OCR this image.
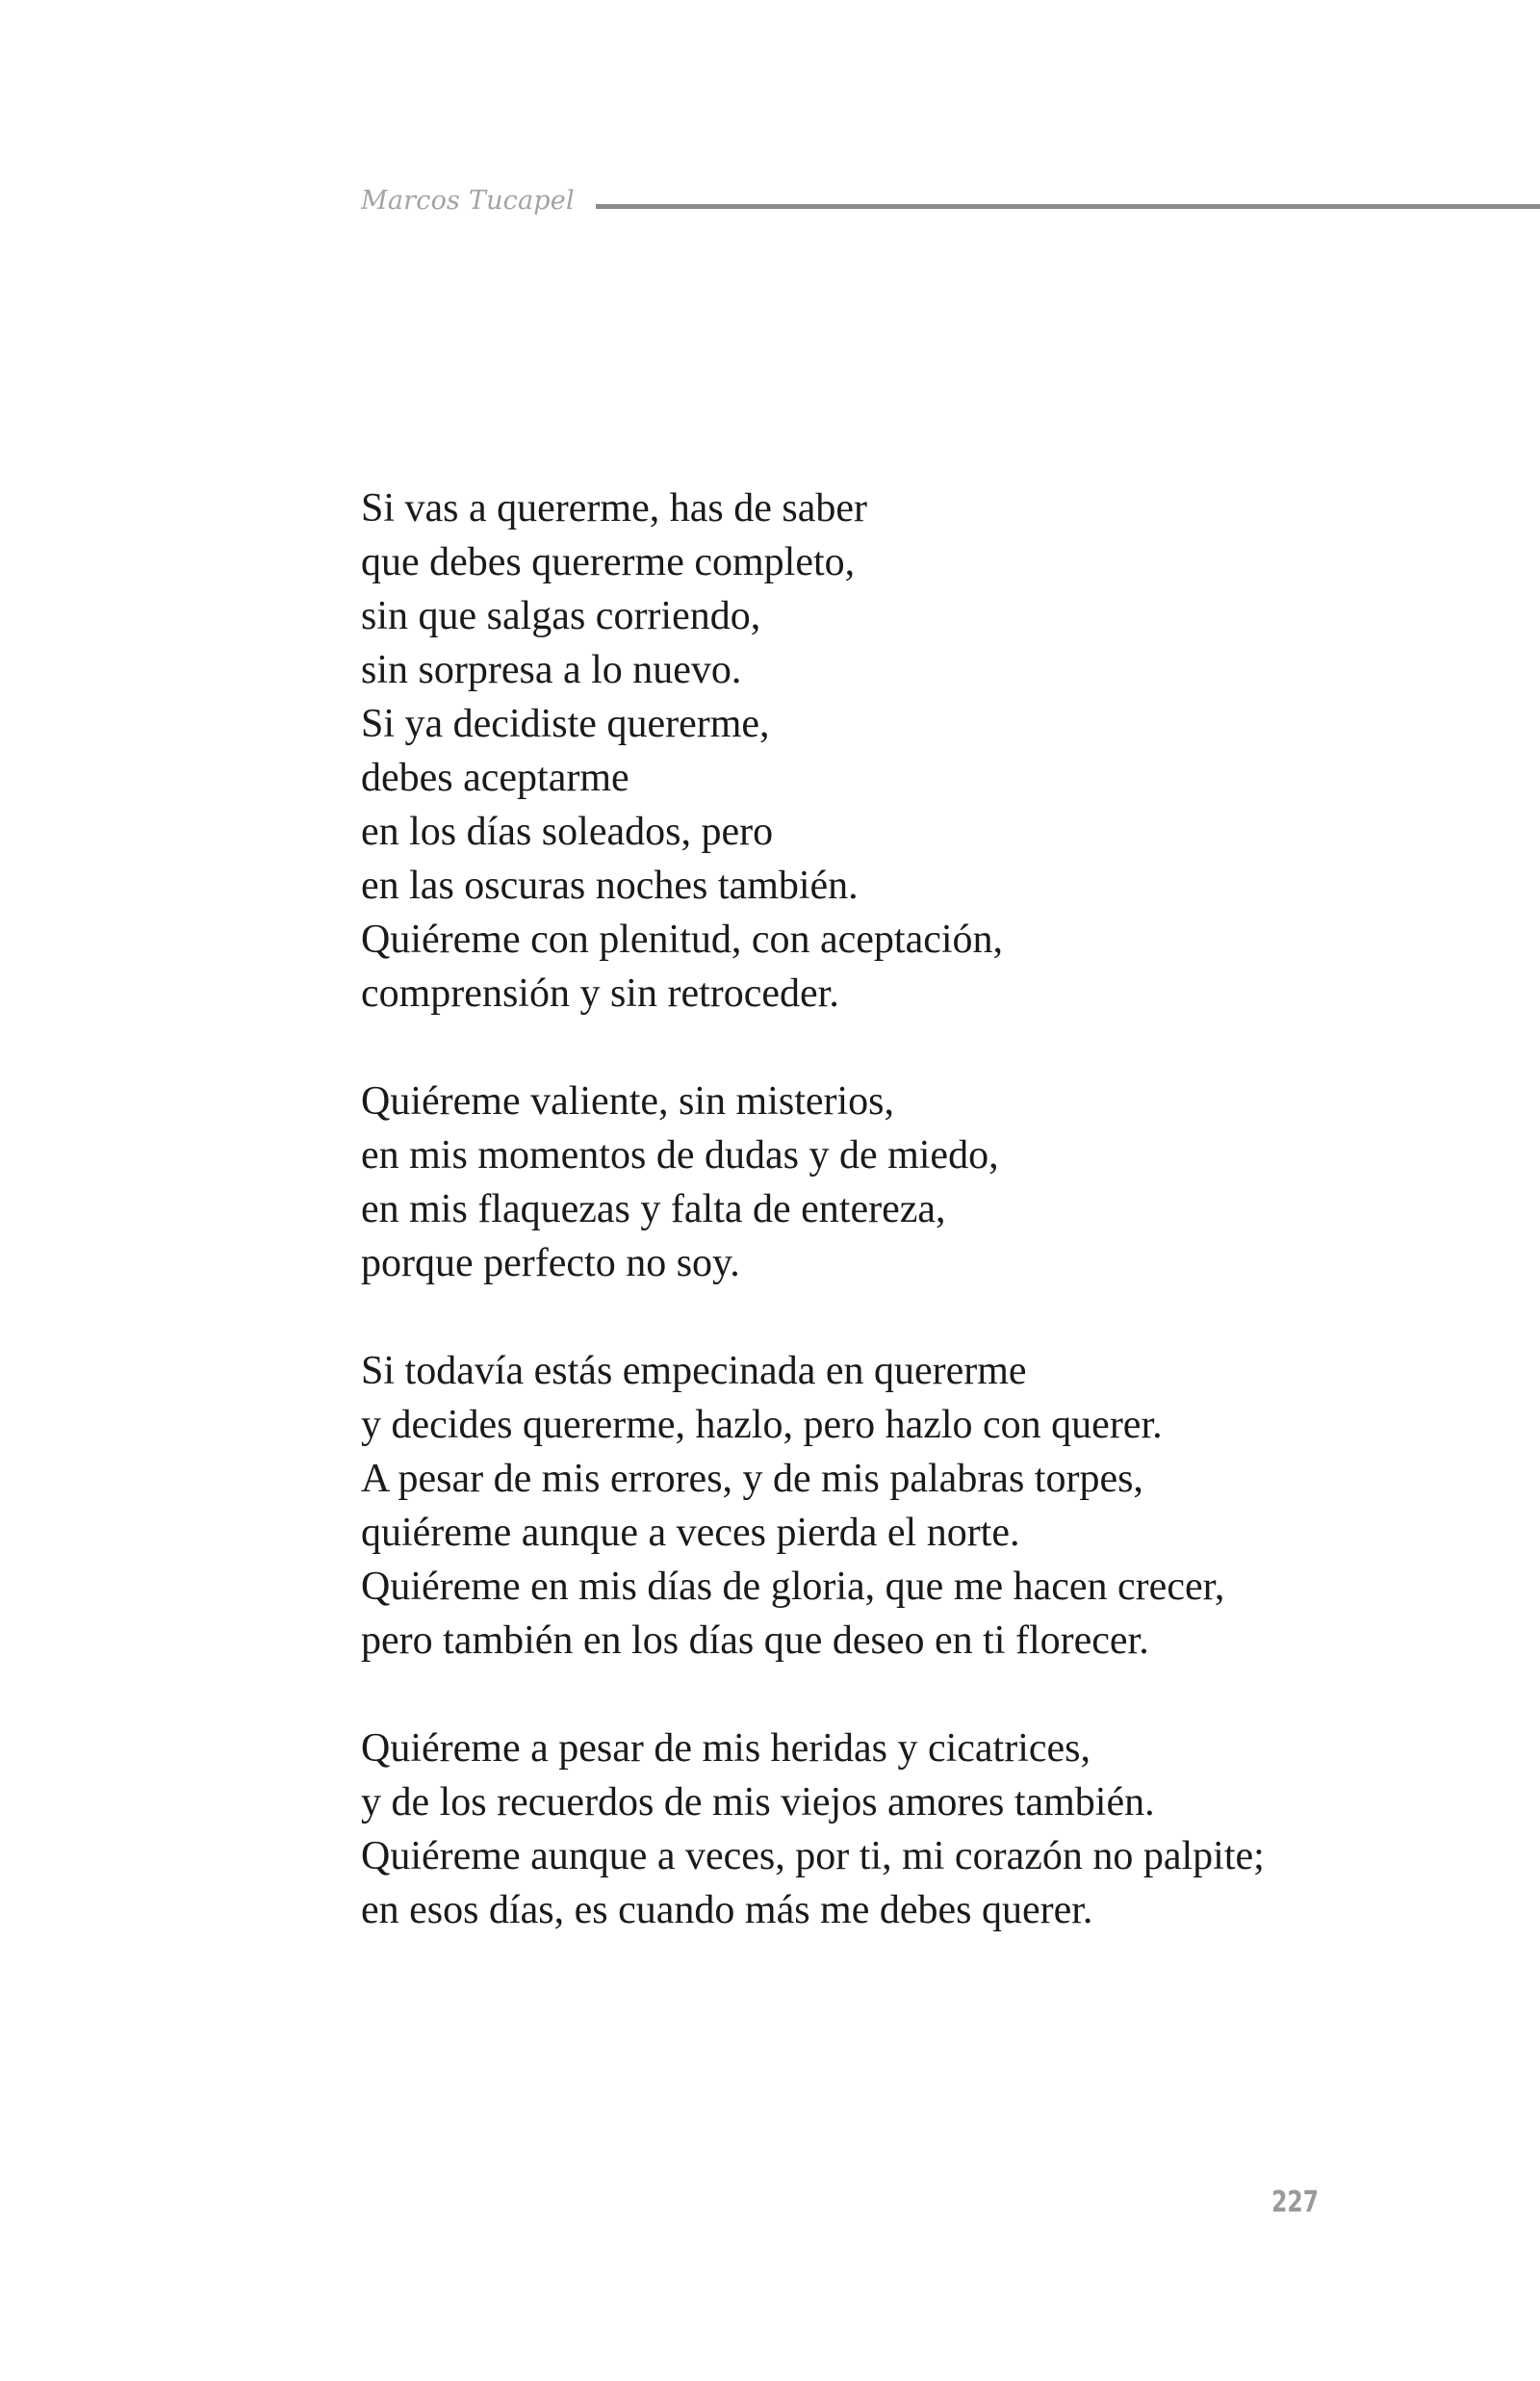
Marcos Tucapel
Si vas a quererme, has de saber
que debes quererme completo,
sin que salgas corriendo,
sin sorpresa a lo nuevo.
Si ya decidiste quererme,
debes aceptarme
en los días soleados, pero
en las oscuras noches también.
Quiéreme con plenitud, con aceptación,
comprensión y sin retroceder.
Quiéreme valiente, sin misterios,
en mis momentos de dudas y de miedo,
en mis flaquezas y falta de entereza,
porque perfecto no soy.
Si todavía estás empecinada en quererme
y decides quererme, hazlo, pero hazlo con querer.
A pesar de mis errores, y de mis palabras torpes,
quiéreme aunque a veces pierda el norte.
Quiéreme en mis días de gloria, que me hacen crecer,
pero también en los días que deseo en ti florecer.
Quiéreme a pesar de mis heridas y cicatrices,
y de los recuerdos de mis viejos amores también.
Quiéreme aunque a veces, por ti, mi corazón no palpite;
en esos días, es cuando más me debes querer.
227
